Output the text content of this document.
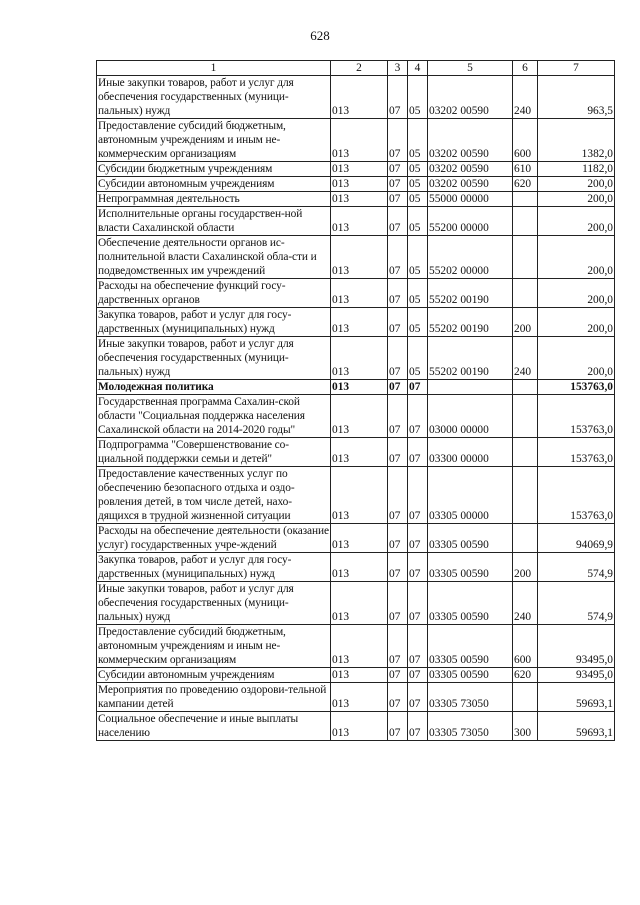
628
1	2	3	4	5	6	7
Иные закупки товаров, работ и услуг для обеспечения государственных (муници-пальных) нужд	013	07	05	03202 00590	240	963,5
Предоставление субсидий бюджетным, автономным учреждениям и иным не-коммерческим организациям	013	07	05	03202 00590	600	1382,0
Субсидии бюджетным учреждениям	013	07	05	03202 00590	610	1182,0
Субсидии автономным учреждениям	013	07	05	03202 00590	620	200,0
Непрограммная деятельность	013	07	05	55000 00000		200,0
Исполнительные органы государствен-ной власти Сахалинской области	013	07	05	55200 00000		200,0
Обеспечение деятельности органов ис-полнительной власти Сахалинской обла-сти и подведомственных им учреждений	013	07	05	55202 00000		200,0
Расходы на обеспечение функций госу-дарственных органов	013	07	05	55202 00190		200,0
Закупка товаров, работ и услуг для госу-дарственных (муниципальных) нужд	013	07	05	55202 00190	200	200,0
Иные закупки товаров, работ и услуг для обеспечения государственных (муници-пальных) нужд	013	07	05	55202 00190	240	200,0
Молодежная политика	013	07	07			153763,0
Государственная программа Сахалин-ской области "Социальная поддержка населения Сахалинской области на 2014-2020 годы"	013	07	07	03000 00000		153763,0
Подпрограмма "Совершенствование со-циальной поддержки семьи и детей"	013	07	07	03300 00000		153763,0
Предоставление качественных услуг по обеспечению безопасного отдыха и оздо-ровления детей, в том числе детей, нахо-дящихся в трудной жизненной ситуации	013	07	07	03305 00000		153763,0
Расходы на обеспечение деятельности (оказание услуг) государственных учре-ждений	013	07	07	03305 00590		94069,9
Закупка товаров, работ и услуг для госу-дарственных (муниципальных) нужд	013	07	07	03305 00590	200	574,9
Иные закупки товаров, работ и услуг для обеспечения государственных (муници-пальных) нужд	013	07	07	03305 00590	240	574,9
Предоставление субсидий бюджетным, автономным учреждениям и иным не-коммерческим организациям	013	07	07	03305 00590	600	93495,0
Субсидии автономным учреждениям	013	07	07	03305 00590	620	93495,0
Мероприятия по проведению оздорови-тельной кампании детей	013	07	07	03305 73050		59693,1
Социальное обеспечение и иные выплаты населению	013	07	07	03305 73050	300	59693,1
